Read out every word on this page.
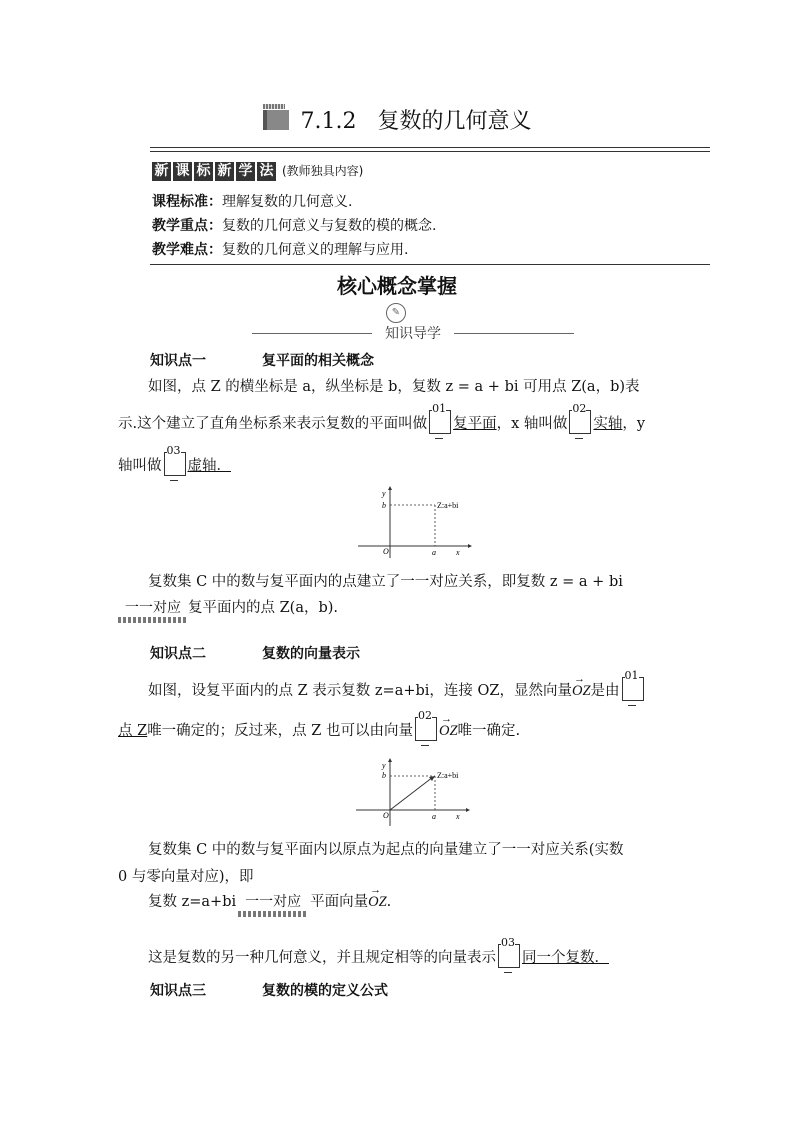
7.1.2 复数的几何意义
新 课 标 新 学 法 (教师独具内容)
课程标准：理解复数的几何意义.
教学重点：复数的几何意义与复数的模的概念.
教学难点：复数的几何意义的理解与应用.
核心概念掌握
✎
知识导学
知识点一	复平面的相关概念
如图，点 Z 的横坐标是 a，纵坐标是 b，复数 z = a + bi 可用点 Z(a，b)表
示.这个建立了直角坐标系来表示复数的平面叫做
01
复平面，x 轴叫做
02
实轴，y
轴叫做
03
虚轴．
y
b	Z:a+bi
O	a	x
复数集 C 中的数与复平面内的点建立了一一对应关系，即复数 z = a + bi
一一对应 复平面内的点 Z(a，b).
知识点二	复数的向量表示
如图，设复平面内的点 Z 表示复数 z=a+bi，连接 OZ，显然向量→ OZ是由
01
点 Z唯一确定的；反过来，点 Z 也可以由向量
02
→ OZ唯一确定.
y
b	Z:a+bi
O	a	x
复数集 C 中的数与复平面内以原点为起点的向量建立了一一对应关系(实数
0 与零向量对应)，即
复数 z=a+bi 一一对应 平面向量→ OZ.
这是复数的另一种几何意义，并且规定相等的向量表示
03
同一个复数．
知识点三	复数的模的定义公式
